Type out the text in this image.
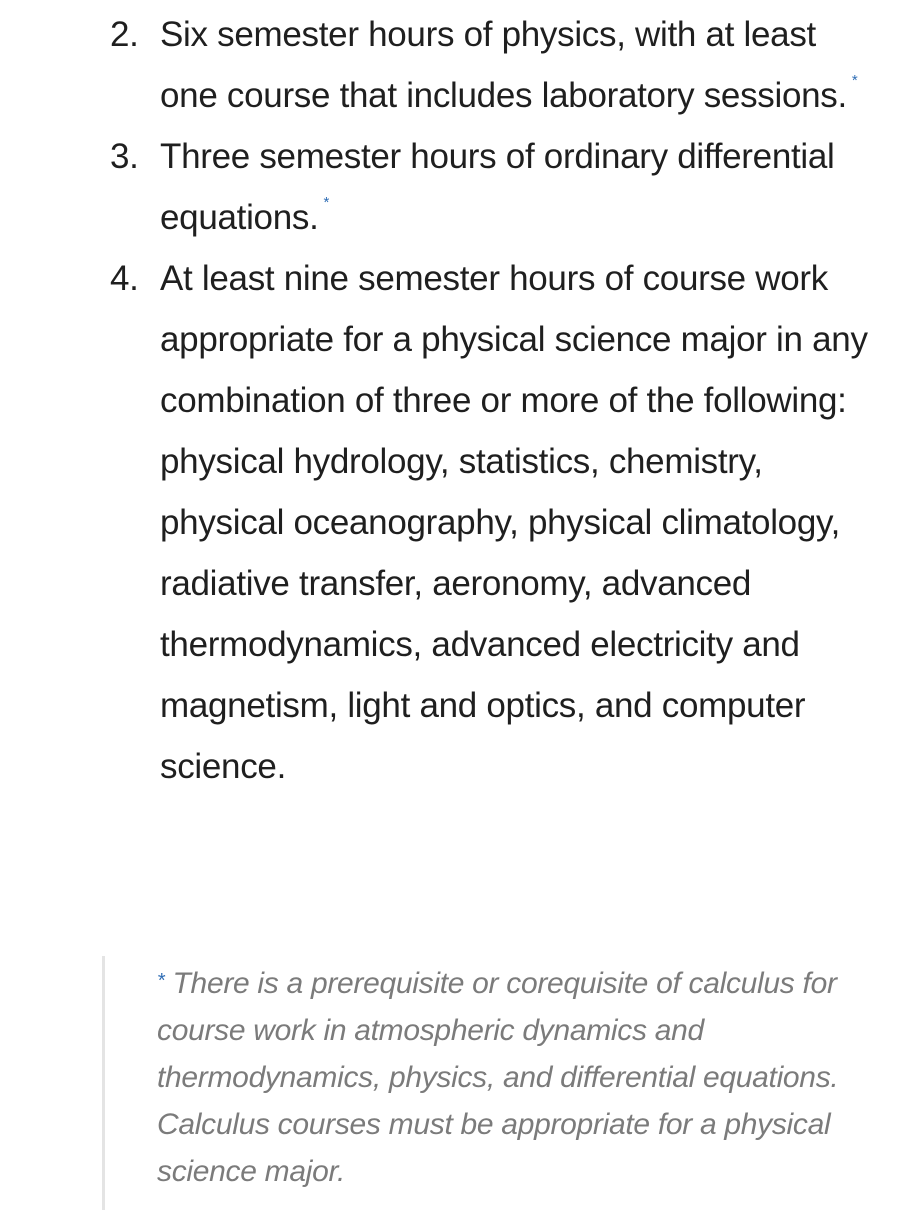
2. Six semester hours of physics, with at least one course that includes laboratory sessions. *
3. Three semester hours of ordinary differential equations. *
4. At least nine semester hours of course work appropriate for a physical science major in any combination of three or more of the following: physical hydrology, statistics, chemistry, physical oceanography, physical climatology, radiative transfer, aeronomy, advanced thermodynamics, advanced electricity and magnetism, light and optics, and computer science.
* There is a prerequisite or corequisite of calculus for course work in atmospheric dynamics and thermodynamics, physics, and differential equations. Calculus courses must be appropriate for a physical science major.
